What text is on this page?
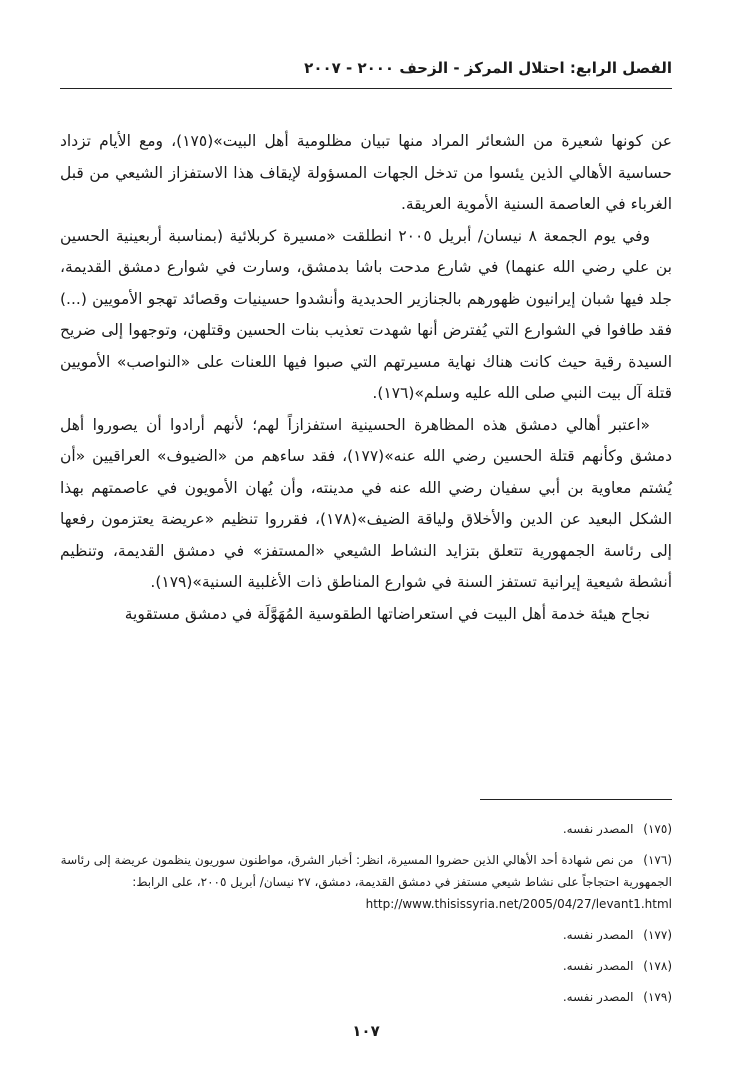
الفصل الرابع: احتلال المركز - الزحف ٢٠٠٠ - ٢٠٠٧

عن كونها شعيرة من الشعائر المراد منها تبيان مظلومية أهل البيت»(١٧٥)، ومع الأيام تزداد حساسية الأهالي الذين يئسوا من تدخل الجهات المسؤولة لإيقاف هذا الاستفزاز الشيعي من قبل الغرباء في العاصمة السنية الأموية العريقة.

وفي يوم الجمعة ٨ نيسان/ أبريل ٢٠٠٥ انطلقت «مسيرة كربلائية (بمناسبة أربعينية الحسين بن علي رضي الله عنهما) في شارع مدحت باشا بدمشق، وسارت في شوارع دمشق القديمة، جلد فيها شبان إيرانيون ظهورهم بالجنازير الحديدية وأنشدوا حسينيات وقصائد تهجو الأمويين (...) فقد طافوا في الشوارع التي يُفترض أنها شهدت تعذيب بنات الحسين وقتلهن، وتوجهوا إلى ضريح السيدة رقية حيث كانت هناك نهاية مسيرتهم التي صبوا فيها اللعنات على «النواصب» الأمويين قتلة آل بيت النبي صلى الله عليه وسلم»(١٧٦).

«اعتبر أهالي دمشق هذه المظاهرة الحسينية استفزازاً لهم؛ لأنهم أرادوا أن يصوروا أهل دمشق وكأنهم قتلة الحسين رضي الله عنه»(١٧٧)، فقد ساءهم من «الضيوف» العراقيين «أن يُشتم معاوية بن أبي سفيان رضي الله عنه في مدينته، وأن يُهان الأمويون في عاصمتهم بهذا الشكل البعيد عن الدين والأخلاق ولياقة الضيف»(١٧٨)، فقرروا تنظيم «عريضة يعتزمون رفعها إلى رئاسة الجمهورية تتعلق بتزايد النشاط الشيعي «المستفز» في دمشق القديمة، وتنظيم أنشطة شيعية إيرانية تستفز السنة في شوارع المناطق ذات الأغلبية السنية»(١٧٩).

نجاح هيئة خدمة أهل البيت في استعراضاتها الطقوسية المُهَوَّلَة في دمشق مستقوية

(١٧٥) المصدر نفسه.
(١٧٦) من نص شهادة أحد الأهالي الذين حضروا المسيرة، انظر: أخبار الشرق، مواطنون سوريون ينظمون عريضة إلى رئاسة الجمهورية احتجاجاً على نشاط شيعي مستفز في دمشق القديمة، دمشق، ٢٧ نيسان/ أبريل ٢٠٠٥، على الرابط: http://www.thisissyria.net/2005/04/27/levant1.html
(١٧٧) المصدر نفسه.
(١٧٨) المصدر نفسه.
(١٧٩) المصدر نفسه.
١٠٧
